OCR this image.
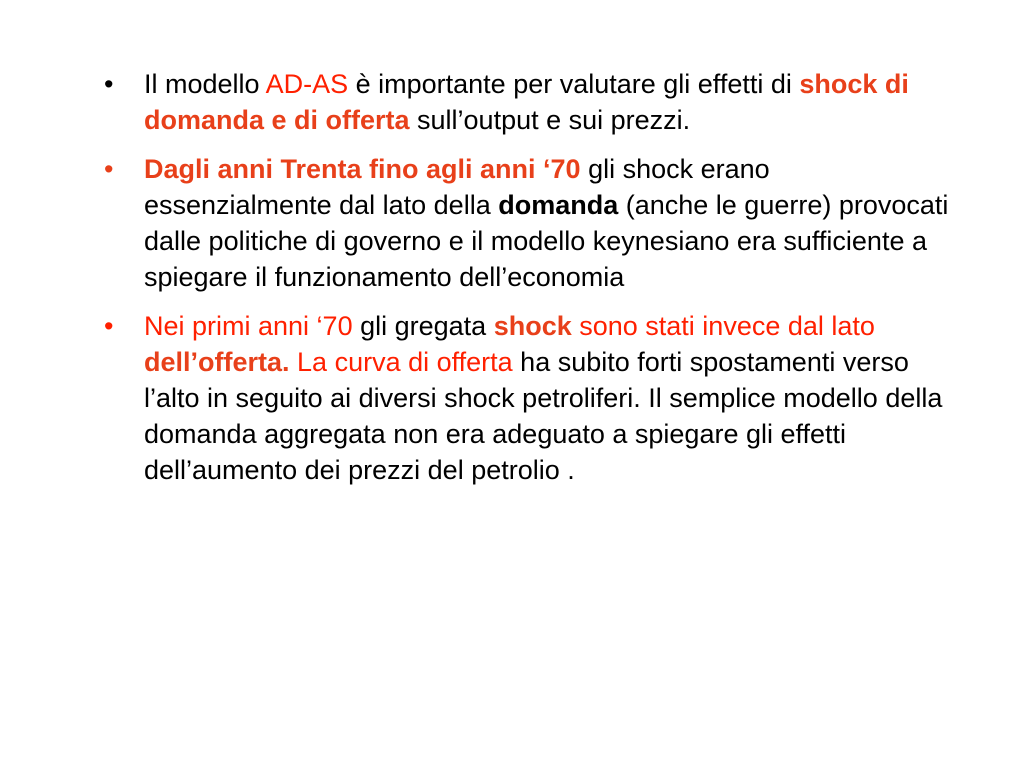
• Il modello AD-AS è importante per valutare gli effetti di shock di domanda e di offerta sull’output e sui prezzi.
• Dagli anni Trenta fino agli anni ‘70 gli shock erano essenzialmente dal lato della domanda (anche le guerre) provocati dalle politiche di governo e il modello keynesiano era sufficiente a spiegare il funzionamento dell’economia
• Nei primi anni ‘70 gli gregata shock sono stati invece dal lato dell’offerta. La curva di offerta ha subito forti spostamenti verso l’alto in seguito ai diversi shock petroliferi. Il semplice modello della domanda aggregata non era adeguato a spiegare gli effetti dell’aumento dei prezzi del petrolio .
